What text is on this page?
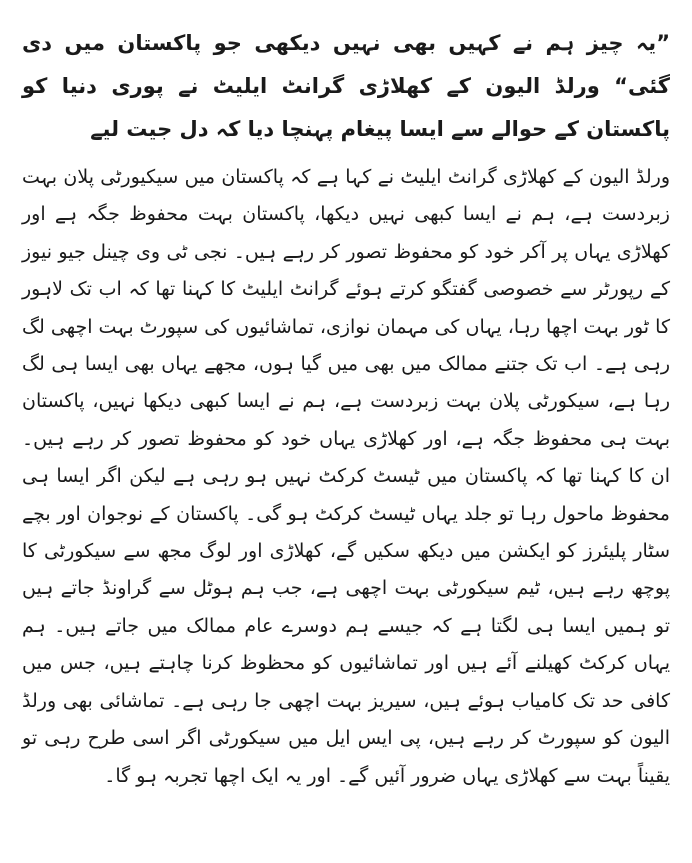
”یہ چیز ہم نے کہیں بھی نہیں دیکھی جو پاکستان میں دی گئی“ ورلڈ الیون کے کھلاڑی گرانٹ ایلیٹ نے پوری دنیا کو پاکستان کے حوالے سے ایسا پیغام پہنچا دیا کہ دل جیت لیے

ورلڈ الیون کے کھلاڑی گرانٹ ایلیٹ نے کہا ہے کہ پاکستان میں سیکیورٹی پلان بہت زبردست ہے، ہم نے ایسا کبھی نہیں دیکھا، پاکستان بہت محفوظ جگہ ہے اور کھلاڑی یہاں پر آکر خود کو محفوظ تصور کر رہے ہیں۔ نجی ٹی وی چینل جیو نیوز کے رپورٹر سے خصوصی گفتگو کرتے ہوئے گرانٹ ایلیٹ کا کہنا تھا کہ اب تک لاہور کا ٹور بہت اچھا رہا، یہاں کی مہمان نوازی، تماشائیوں کی سپورٹ بہت اچھی لگ رہی ہے۔ اب تک جتنے ممالک میں بھی میں گیا ہوں، مجھے یہاں بھی ایسا ہی لگ رہا ہے، سیکورٹی پلان بہت زبردست ہے، ہم نے ایسا کبھی دیکھا نہیں، پاکستان بہت ہی محفوظ جگہ ہے، اور کھلاڑی یہاں خود کو محفوظ تصور کر رہے ہیں۔ ان کا کہنا تھا کہ پاکستان میں ٹیسٹ کرکٹ نہیں ہو رہی ہے لیکن اگر ایسا ہی محفوظ ماحول رہا تو جلد یہاں ٹیسٹ کرکٹ ہو گی۔ پاکستان کے نوجوان اور بچے سٹار پلیئرز کو ایکشن میں دیکھ سکیں گے، کھلاڑی اور لوگ مجھ سے سیکورٹی کا پوچھ رہے ہیں، ٹیم سیکورٹی بہت اچھی ہے، جب ہم ہوٹل سے گراونڈ جاتے ہیں تو ہمیں ایسا ہی لگتا ہے کہ جیسے ہم دوسرے عام ممالک میں جاتے ہیں۔ ہم یہاں کرکٹ کھیلنے آئے ہیں اور تماشائیوں کو محظوظ کرنا چاہتے ہیں، جس میں کافی حد تک کامیاب ہوئے ہیں، سیریز بہت اچھی جا رہی ہے۔ تماشائی بھی ورلڈ الیون کو سپورٹ کر رہے ہیں، پی ایس ایل میں سیکورٹی اگر اسی طرح رہی تو یقیناً بہت سے کھلاڑی یہاں ضرور آئیں گے۔ اور یہ ایک اچھا تجربہ ہو گا۔
